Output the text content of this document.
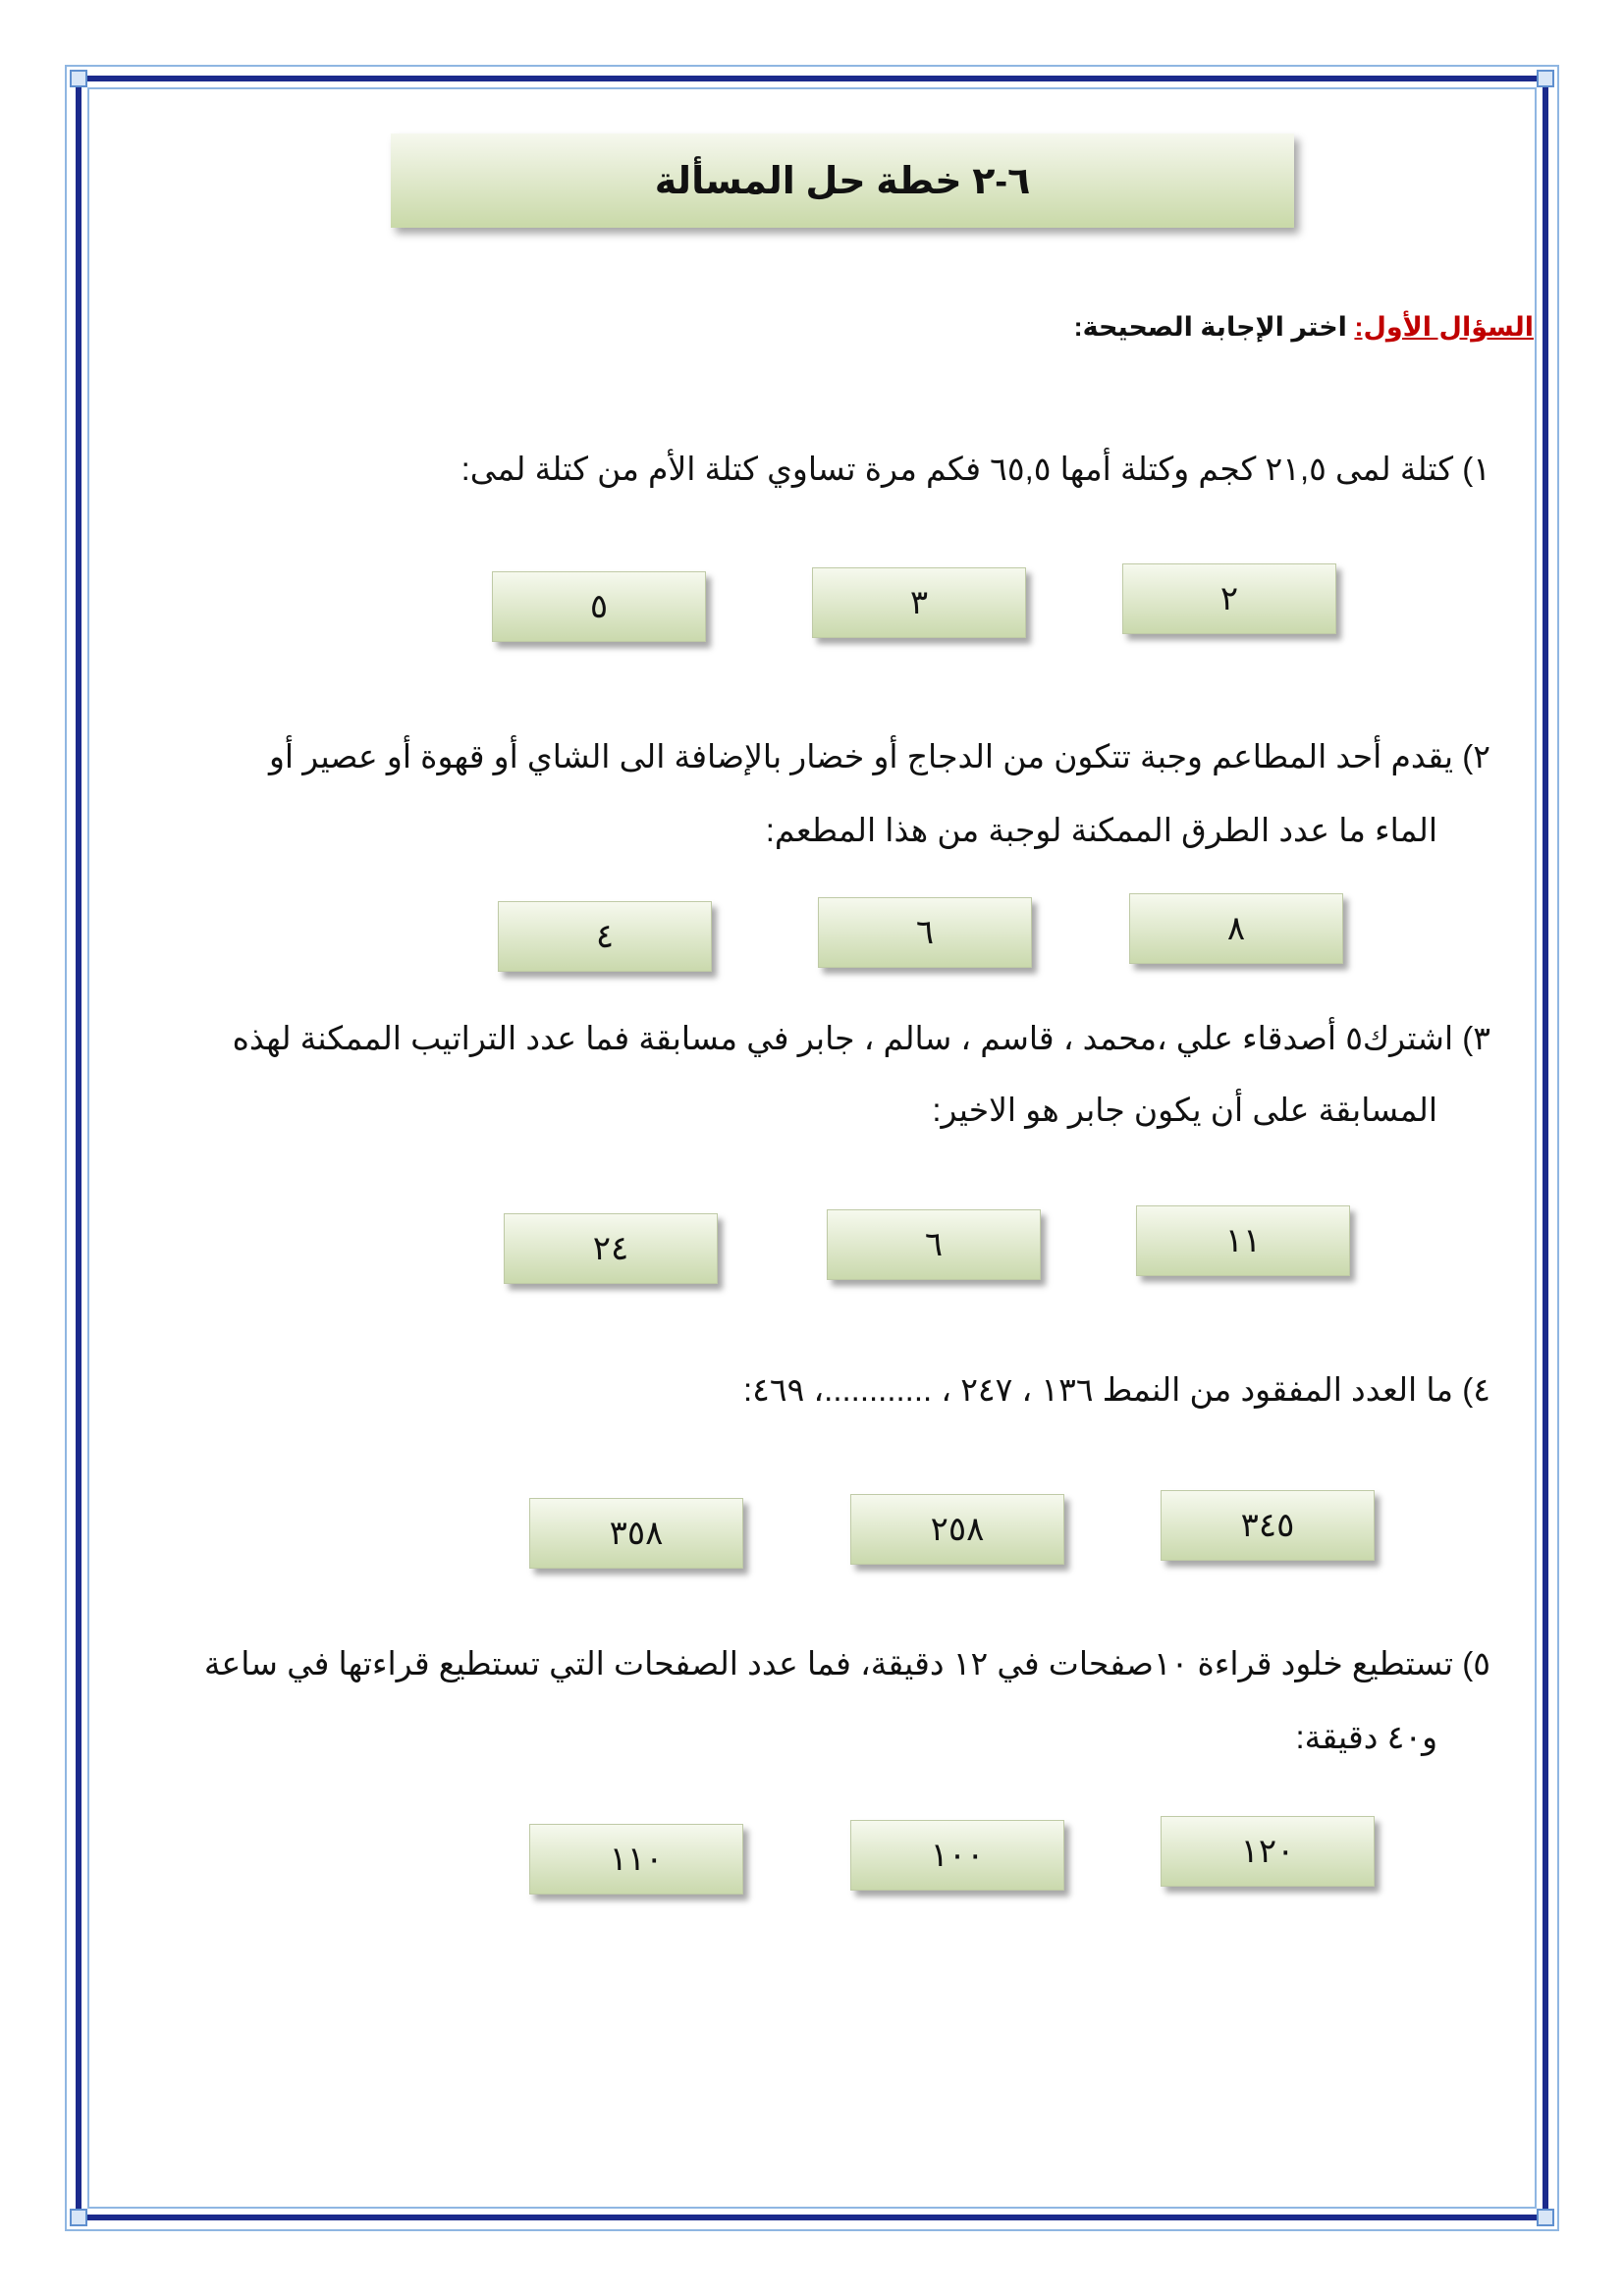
٦-٢ خطة حل المسألة
السؤال الأول: اختر الإجابة الصحيحة:
١) كتلة لمى ٢١,٥ كجم وكتلة أمها ٦٥,٥ فكم مرة تساوي كتلة الأم من كتلة لمى:
٢
٣
٥
٢) يقدم أحد المطاعم وجبة تتكون من الدجاج أو خضار بالإضافة الى الشاي أو قهوة أو عصير أو
الماء ما عدد الطرق الممكنة لوجبة من هذا المطعم:
٨
٦
٤
٣) اشترك٥ أصدقاء علي ،محمد ، قاسم ، سالم ، جابر في مسابقة فما عدد التراتيب الممكنة لهذه
المسابقة على أن يكون جابر هو الاخير:
١١
٦
٢٤
٤) ما العدد المفقود من النمط ١٣٦ ، ٢٤٧ ، ............، ٤٦٩:
٣٤٥
٢٥٨
٣٥٨
٥) تستطيع خلود قراءة ١٠صفحات في ١٢ دقيقة، فما عدد الصفحات التي تستطيع قراءتها في ساعة
و٤٠ دقيقة:
١٢٠
١٠٠
١١٠
